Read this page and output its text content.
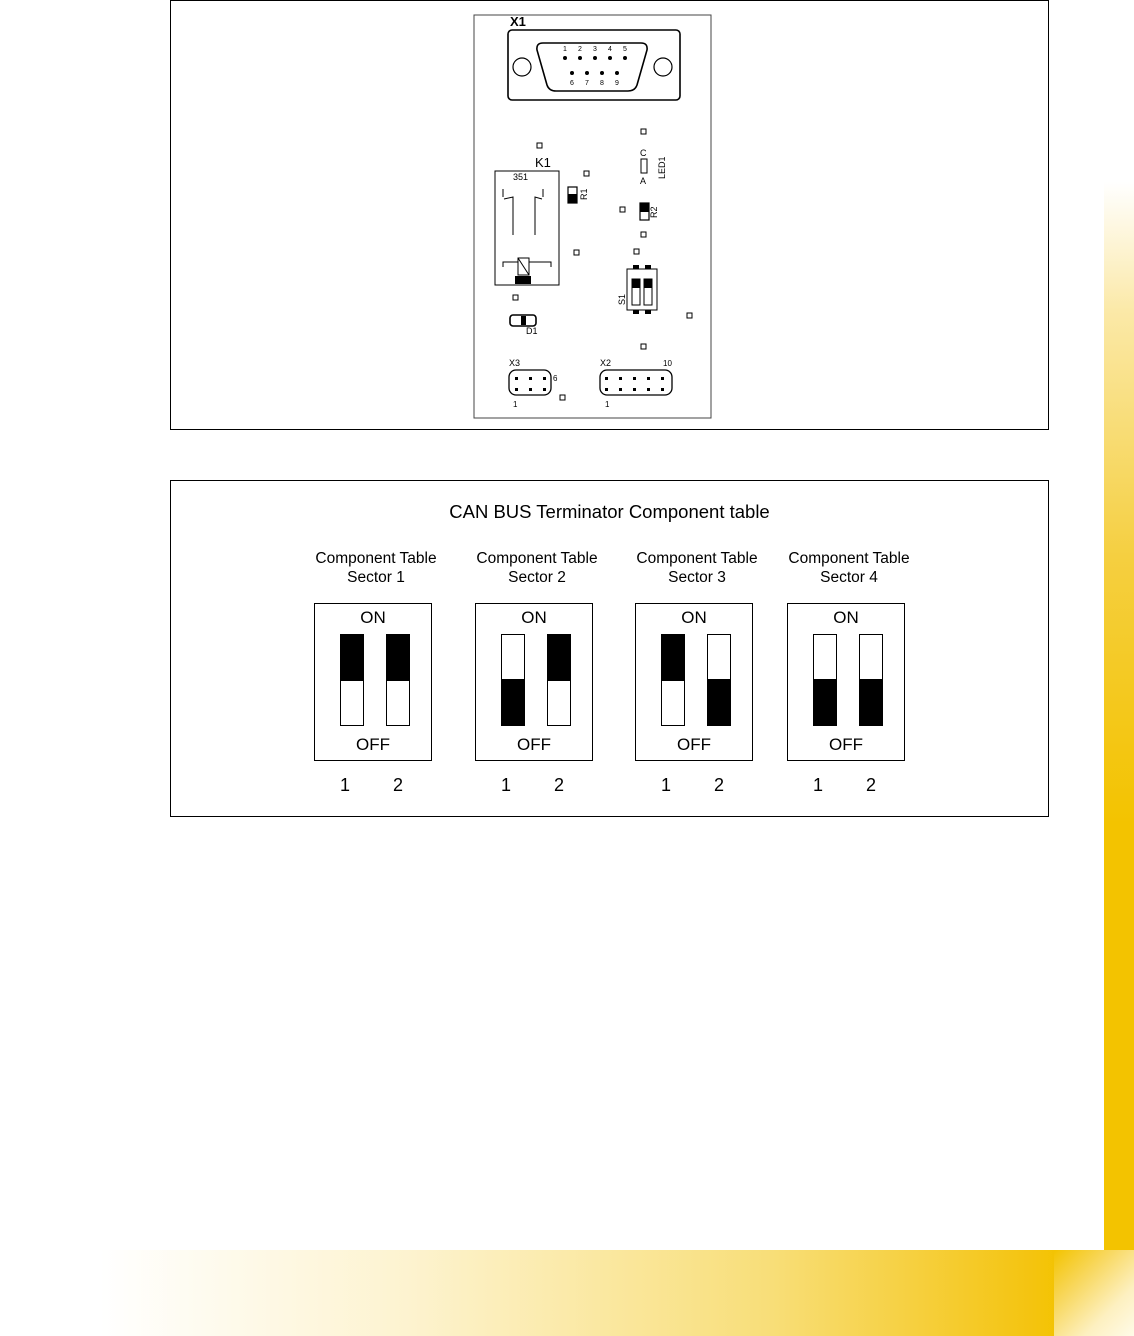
X1
1 2 3 4 5
6 7 8 9
K1
351
R1
C
A
LED1
R2
S1
D1
X3
6
1
X2	10
1
CAN BUS Terminator Component table
Component Table
Sector 1
ON
OFF
1 2
Component Table
Sector 2
ON
OFF
1 2
Component Table
Sector 3
ON
OFF
1 2
Component Table
Sector 4
ON
OFF
1 2
